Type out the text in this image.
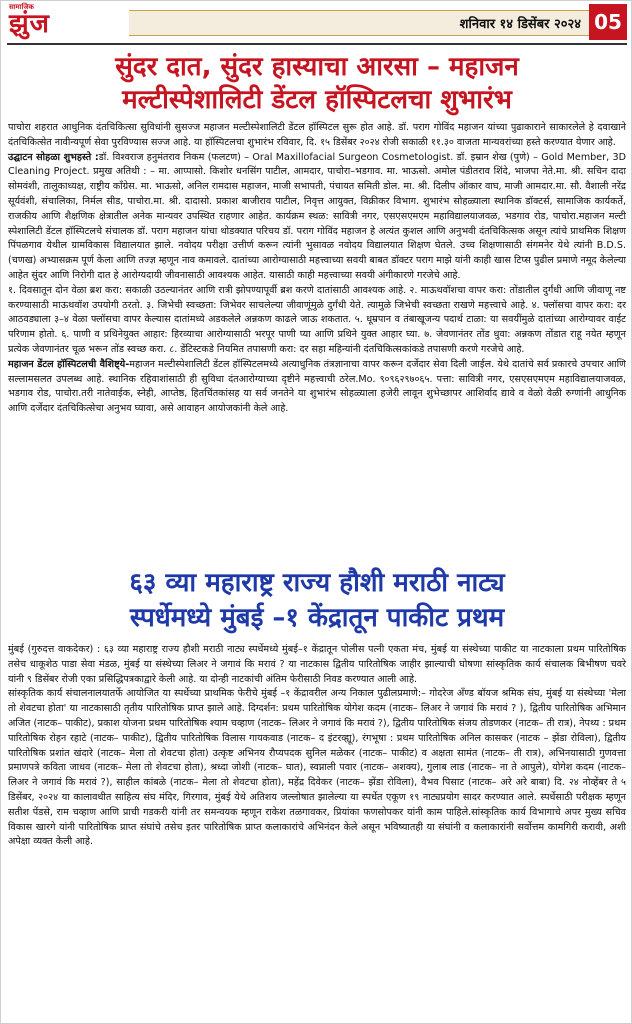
सामाजिक
झुंज	शनिवार १४ डिसेंबर २०२४ 05
सुंदर दात, सुंदर हास्याचा आरसा – महाजन
मल्टीस्पेशालिटी डेंटल हॉस्पिटलचा शुभारंभ

पाचोरा शहरात आधुनिक दंतचिकित्सा सुविधांनी सुसज्ज महाजन मल्टीस्पेशालिटी डेंटल हॉस्पिटल सुरू होत आहे. डॉ. पराग गोविंद महाजन यांच्या पुढाकाराने साकारलेले हे दवाखाने दंतचिकित्सेत नावीन्यपूर्ण सेवा पुरविण्यास सज्ज आहे. या हॉस्पिटलचा शुभारंभ रविवार, दि. १५ डिसेंबर २०२४ रोजी सकाळी ११.३० वाजता मान्यवरांच्या हस्ते करण्यात येणार आहे.

उद्घाटन सोहळा शुभहस्ते :डॉ. विश्वराज हनुमंतराव निकम (फलटण) – Oral Maxillofacial Surgeon Cosmetologist. डॉ. इम्रान शेख (पुणे) – Gold Member, 3D Cleaning Project. प्रमुख अतिथी : – मा. आप्पासो. किशोर धनसिंग पाटील, आमदार, पाचोरा–भडगाव. मा. भाऊसो. अमोल पंडीतराव शिंदे, भाजपा नेते.मा. श्री. सचिन दादा सोमवंशी, तालुकाध्यक्ष, राष्ट्रीय कॉंग्रेस. मा. भाऊसो, अनिल रामदास महाजन, माजी सभापती, पंचायत समिती डोल. मा. श्री. दिलीप ऑकार वाघ, माजी आमदार.मा. सौ. वैशाली नरेंद्र सूर्यवंशी, संचालिका, निर्मल सीड, पाचोरा.मा. श्री. दादासो. प्रकाश बाजीराव पाटील, निवृत्त आयुक्त, विक्रीकर विभाग. शुभारंभ सोहळ्याला स्थानिक डॉक्टर्स, सामाजिक कार्यकर्ते, राजकीय आणि शैक्षणिक क्षेत्रातील अनेक मान्यवर उपस्थित राहणार आहेत. कार्यक्रम स्थळ: सावित्री नगर, एसएसएमएम महाविद्यालयाजवळ, भडगाव रोड, पाचोरा.महाजन मल्टी स्पेशालिटी डेंटल हॉस्पिटलचे संचालक डॉ. पराग महाजन यांचा थोडक्यात परिचय डॉ. पराग गोविंद महाजन हे अत्यंत कुशल आणि अनुभवी दंतचिकित्सक असून त्यांचे प्राथमिक शिक्षण पिंपळगाव येथील ग्रामविकास विद्यालयात झाले. नवोदय परीक्षा उत्तीर्ण करून त्यांनी भुसावळ नवोदय विद्यालयात शिक्षण घेतले. उच्च शिक्षणासाठी संगमनेर येथे त्यांनी B.D.S. (चणख) अभ्यासक्रम पूर्ण केला आणि तज्ज्ञ म्हणून नाव कमावले. दातांच्या आरोग्यासाठी महत्त्वाच्या सवयी बाबत डॉक्टर पराग माझे यांनी काही खास टिप्स पुढील प्रमाणे नमूद केलेल्या आहेत सुंदर आणि निरोगी दात हे आरोग्यदायी जीवनासाठी आवश्यक आहेत. यासाठी काही महत्त्वाच्या सवयी अंगीकारणे गरजेचे आहे.

१. दिवसातून दोन वेळा ब्रश करा: सकाळी उठल्यानंतर आणि रात्री झोपण्यापूर्वी ब्रश करणे दातांसाठी आवश्यक आहे. २. माऊथवॉशचा वापर करा: तोंडातील दुर्गंधी आणि जीवाणू नष्ट करण्यासाठी माऊथवॉश उपयोगी ठरतो. ३. जिभेची स्वच्छता: जिभेवर साचलेल्या जीवाणूंमुळे दुर्गंधी येते. त्यामुळे जिभेची स्वच्छता राखणे महत्त्वाचे आहे. ४. फ्लॉसचा वापर करा: दर आठवड्याला ३–४ वेळा फ्लॉसचा वापर केल्यास दातांमध्ये अडकलेले अन्नकण काढले जाऊ शकतात. ५. धूम्रपान व तंबाखूजन्य पदार्थ टाळा: या सवयींमुळे दातांच्या आरोग्यावर वाईट परिणाम होतो. ६. पाणी व प्रथिनेयुक्त आहार: हिरव्याचा आरोग्यासाठी भरपूर पाणी प्या आणि प्रथिने युक्त आहार घ्या. ७. जेवणानंतर तोंड धुवा: अन्नकण तोंडात राहू नयेत म्हणून प्रत्येक जेवणानंतर चूळ भरून तोंड स्वच्छ करा. ८. डेंटिस्टकडे नियमित तपासणी करा: दर सहा महिन्यांनी दंतचिकित्सकांकडे तपासणी करणे गरजेचे आहे.

महाजन डेंटल हॉस्पिटलची वैशिष्ट्ये-महाजन मल्टीस्पेशालिटी डेंटल हॉस्पिटलमध्ये अत्याधुनिक तंत्रज्ञानाचा वापर करून दर्जेदार सेवा दिली जाईल. येथे दातांचे सर्व प्रकारचे उपचार आणि सल्लामसलत उपलब्ध आहे. स्थानिक रहिवाशांसाठी ही सुविधा दंतआरोग्याच्या दृष्टीने महत्त्वाची ठरेल.Mo. ९०९६२९७०६५. पत्ता: सावित्री नगर, एसएसएमएम महाविद्यालयाजवळ, भडगाव रोड, पाचोरा.तरी नातेवाईक, स्नेही, आप्तेष्ठ, हितचिंतकांसह या सर्व जनतेने या शुभारंभ सोहळ्याला हजेरी लावून शुभेच्छापर आशिर्वाद द्यावे व वेळो वेळी रुग्णांनी आधुनिक आणि दर्जेदार दंतचिकित्सेचा अनुभव घ्यावा, असे आवाहन आयोजकांनी केले आहे.

६३ व्या महाराष्ट्र राज्य हौशी मराठी नाट्य
स्पर्धेमध्ये मुंबई –१ केंद्रातून पाकीट प्रथम

मुंबई (गुरुदत्त वाकदेकर) : ६३ व्या महाराष्ट्र राज्य हौशी मराठी नाट्य स्पर्धेमध्ये मुंबई–१ केंद्रातून पोलीस पत्नी एकता मंच, मुंबई या संस्थेच्या पाकीट या नाटकाला प्रथम पारितोषिक तसेच धाकूशेठ पाडा सेवा मंडळ, मुंबई या संस्थेच्या लिअर ने जगावं कि मरावं ? या नाटकास द्वितीय पारितोषिक जाहीर झाल्याची घोषणा सांस्कृतिक कार्य संचालक बिभीषण चवरे यांनी ९ डिसेंबर रोजी एका प्रसिद्धिपत्रकाद्वारे केली आहे. या दोन्ही नाटकांची अंतिम फेरीसाठी निवड करण्यात आली आहे.

सांस्कृतिक कार्य संचालनालयातर्फे आयोजित या स्पर्धेच्या प्राथमिक फेरीचे मुंबई –१ केंद्रावरील अन्य निकाल पुढीलप्रमाणे:– गोदरेज अँण्ड बॉयज श्रमिक संघ, मुंबई या संस्थेच्या 'मेला तो शेवटचा होता' या नाटकासाठी तृतीय पारितोषिक प्राप्त झाले आहे. दिग्दर्शन: प्रथम पारितोषिक योगेश कदम (नाटक– लिअर ने जगावं कि मरावं ? ), द्वितीय पारितोषिक अभिमान अजित (नाटक– पाकीट), प्रकाश योजना प्रथम पारितोषिक श्याम चव्हाण (नाटक– लिअर ने जगावं कि मरावं ?), द्वितीय पारितोषिक संजय तोडणकर (नाटक– ती रात्र), नेपथ्य : प्रथम पारितोषिक रोहन रहाटे (नाटक– पाकीट), द्वितीय पारितोषिक विलास गायकवाड (नाटक– द इंटरव्ह्यू), रंगभूषा : प्रथम पारितोषिक अनिल कासकर (नाटक – झेंडा रोविला), द्वितीय पारितोषिक प्रशांत खंदारे (नाटक– मेला तो शेवटचा होता) उत्कृष्ट अभिनय रौप्यपदक सुनिल मळेकर (नाटक– पाकीट) व अक्षता सामंत (नाटक– ती रात्र), अभिनयासाठी गुणवत्ता प्रमाणपत्रे कविता जाधव (नाटक– मेला तो शेवटचा होता), श्रध्दा जोशी (नाटक– घात), स्वप्नाली पवार (नाटक– अशक्य), गुलाब लाड (नाटक– ना ते आपुले), योगेश कदम (नाटक– लिअर ने जगावं कि मरावं ?), साहील कांबळे (नाटक– मेला तो शेवटचा होता), महेंद्र दिवेकर (नाटक– झेंडा रोविला), वैभव पिसाट (नाटक– अरे अरे बाबा) दि. २४ नोव्हेंबर ते ५ डिसेंबर, २०२४ या कालावधीत साहित्य संघ मंदिर, गिरगाव, मुंबई येथे अतिशय जल्लोषात झालेल्या या स्पर्धेत एकूण १९ नाट्यप्रयोग सादर करण्यात आले. स्पर्धेसाठी परीक्षक म्हणून सतीश पेंडसे, राम चव्हाण आणि प्राची गडकरी यांनी तर समन्वयक म्हणून राकेश तळगावकर, प्रियांका फणसोपकर यांनी काम पाहिले.सांस्कृतिक कार्य विभागाचे अपर मुख्य सचिव विकास खारगे यांनी पारितोषिक प्राप्त संघांचे तसेच इतर पारितोषिक प्राप्त कलाकारांचे अभिनंदन केले असून भविष्यातही या संघांनी व कलाकारांनी सर्वोत्तम कामगिरी करावी, अशी अपेक्षा व्यक्त केली आहे.
